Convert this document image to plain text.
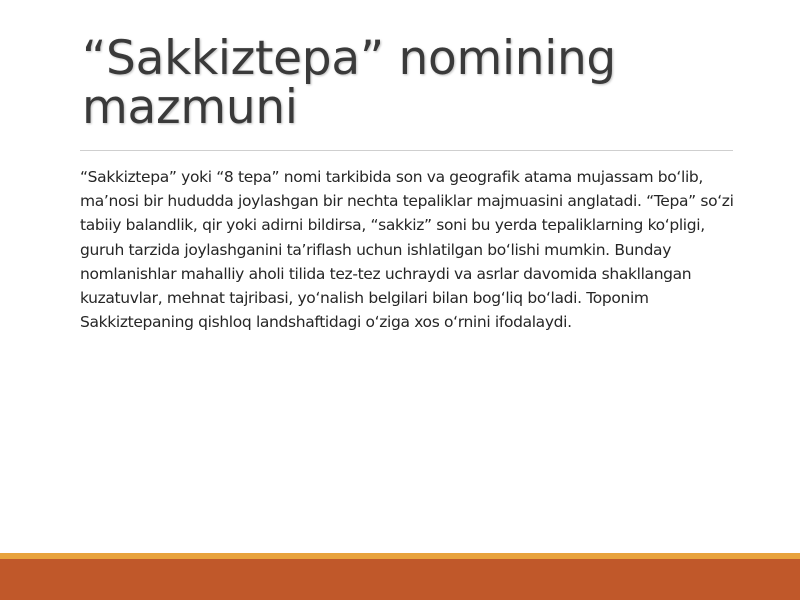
“Sakkiztepa” nomining mazmuni

“Sakkiztepa” yoki “8 tepa” nomi tarkibida son va geografik atama mujassam boʻlib, maʼnosi bir hududda joylashgan bir nechta tepaliklar majmuasini anglatadi. “Tepa” soʻzi tabiiy balandlik, qir yoki adirni bildirsa, “sakkiz” soni bu yerda tepaliklarning koʻpligi, guruh tarzida joylashganini taʼriflash uchun ishlatilgan boʻlishi mumkin. Bunday nomlanishlar mahalliy aholi tilida tez-tez uchraydi va asrlar davomida shakllangan kuzatuvlar, mehnat tajribasi, yoʻnalish belgilari bilan bogʻliq boʻladi. Toponim Sakkiztepaning qishloq landshaftidagi oʻziga xos oʻrnini ifodalaydi.
